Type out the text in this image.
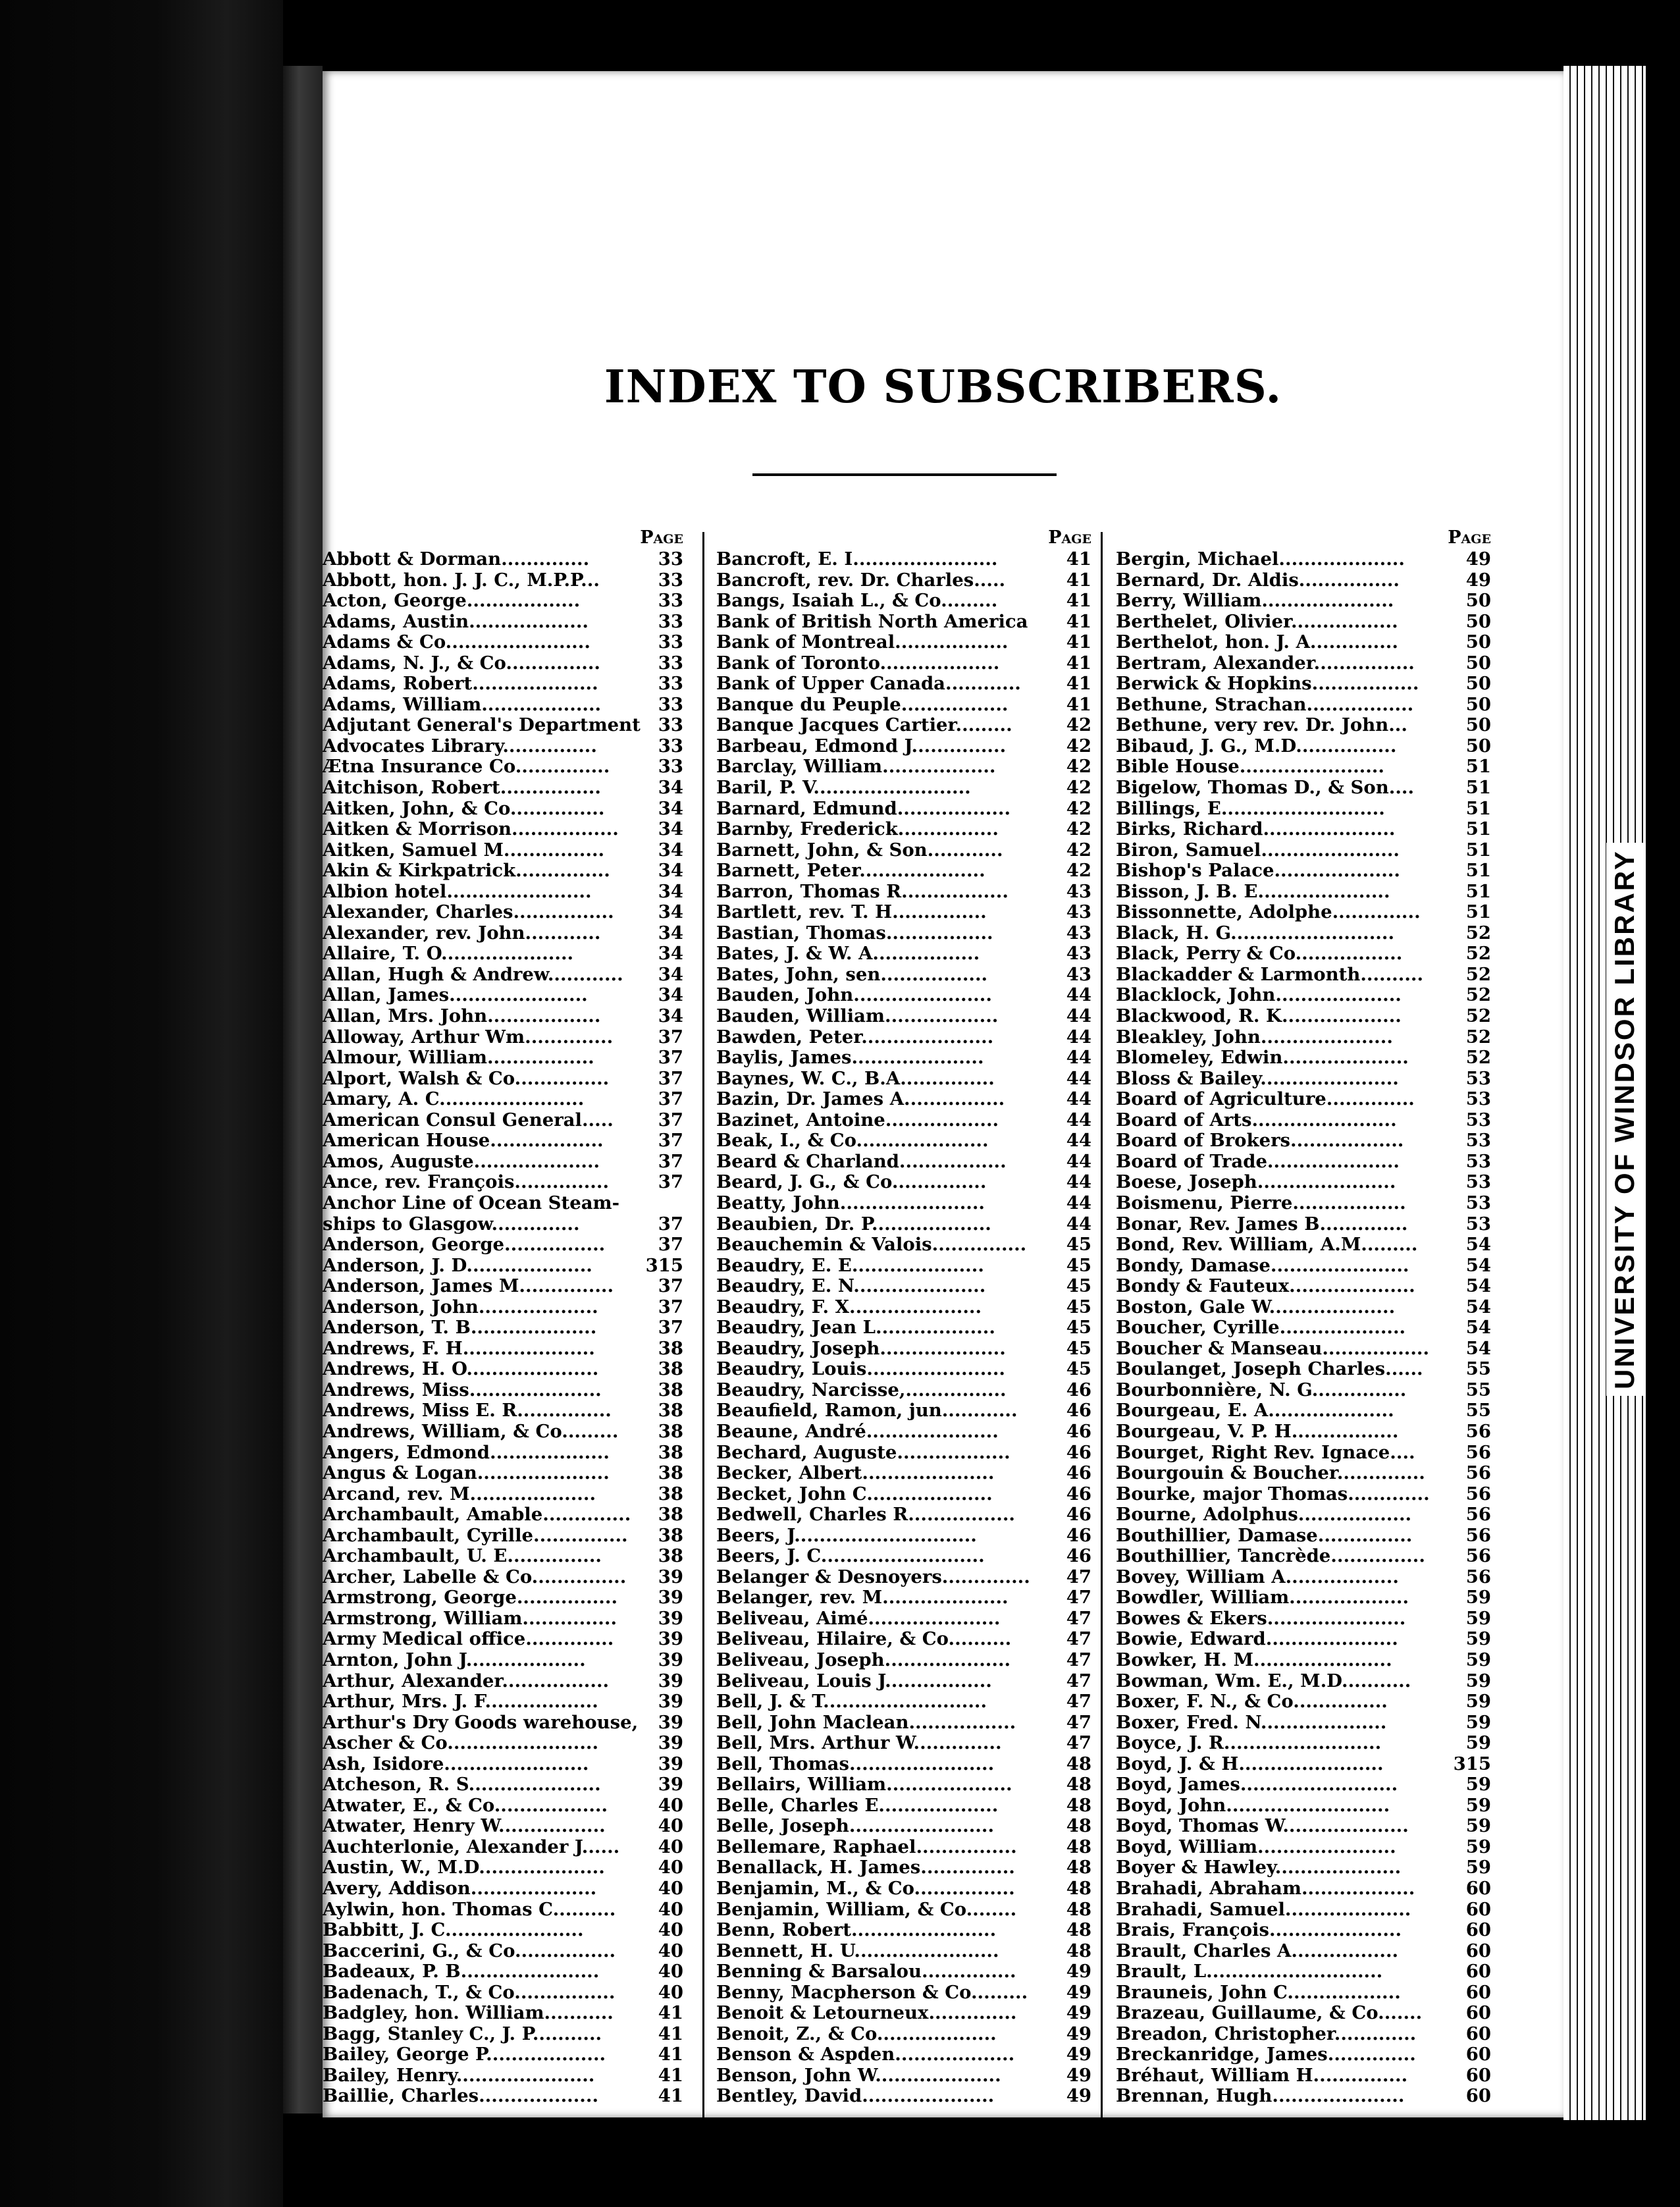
INDEX TO SUBSCRIBERS.
Page
Abbott & Dorman..............	33
Abbott, hon. J. J. C., M.P.P...	33
Acton, George..................	33
Adams, Austin...................	33
Adams & Co.......................	33
Adams, N. J., & Co...............	33
Adams, Robert....................	33
Adams, William...................	33
Adjutant General's Department 33
Advocates Library...............	33
Ætna Insurance Co...............	33
Aitchison, Robert................	34
Aitken, John, & Co...............	34
Aitken & Morrison.................	34
Aitken, Samuel M................	34
Akin & Kirkpatrick...............	34
Albion hotel.......................	34
Alexander, Charles................	34
Alexander, rev. John............	34
Allaire, T. O.....................	34
Allan, Hugh & Andrew............	34
Allan, James......................	34
Allan, Mrs. John..................	34
Alloway, Arthur Wm..............	37
Almour, William.................	37
Alport, Walsh & Co...............	37
Amary, A. C.......................	37
American Consul General.....	37
American House..................	37
Amos, Auguste....................	37
Ance, rev. François...............	37
Anchor Line of Ocean Steam-
ships to Glasgow..............	37
Anderson, George................	37
Anderson, J. D....................	315
Anderson, James M...............	37
Anderson, John...................	37
Anderson, T. B....................	37
Andrews, F. H.....................	38
Andrews, H. O.....................	38
Andrews, Miss.....................	38
Andrews, Miss E. R...............	38
Andrews, William, & Co.........	38
Angers, Edmond...................	38
Angus & Logan.....................	38
Arcand, rev. M....................	38
Archambault, Amable..............	38
Archambault, Cyrille...............	38
Archambault, U. E...............	38
Archer, Labelle & Co...............	39
Armstrong, George................	39
Armstrong, William...............	39
Army Medical office..............	39
Arnton, John J...................	39
Arthur, Alexander.................	39
Arthur, Mrs. J. F..................	39
Arthur's Dry Goods warehouse,	39
Ascher & Co........................	39
Ash, Isidore.......................	39
Atcheson, R. S.....................	39
Atwater, E., & Co..................	40
Atwater, Henry W.................	40
Auchterlonie, Alexander J......	40
Austin, W., M.D....................	40
Avery, Addison....................	40
Aylwin, hon. Thomas C..........	40
Babbitt, J. C......................	40
Baccerini, G., & Co................	40
Badeaux, P. B......................	40
Badenach, T., & Co................	40
Badgley, hon. William...........	41
Bagg, Stanley C., J. P...........	41
Bailey, George P...................	41
Bailey, Henry......................	41
Baillie, Charles...................	41
Page
Bancroft, E. I.......................	41
Bancroft, rev. Dr. Charles.....	41
Bangs, Isaiah L., & Co.........	41
Bank of British North America	41
Bank of Montreal..................	41
Bank of Toronto...................	41
Bank of Upper Canada............	41
Banque du Peuple.................	41
Banque Jacques Cartier.........	42
Barbeau, Edmond J...............	42
Barclay, William..................	42
Baril, P. V.........................	42
Barnard, Edmund..................	42
Barnby, Frederick................	42
Barnett, John, & Son............	42
Barnett, Peter....................	42
Barron, Thomas R.................	43
Bartlett, rev. T. H...............	43
Bastian, Thomas.................	43
Bates, J. & W. A.................	43
Bates, John, sen.................	43
Bauden, John......................	44
Bauden, William..................	44
Bawden, Peter.....................	44
Baylis, James.....................	44
Baynes, W. C., B.A...............	44
Bazin, Dr. James A................	44
Bazinet, Antoine..................	44
Beak, I., & Co.....................	44
Beard & Charland.................	44
Beard, J. G., & Co...............	44
Beatty, John.......................	44
Beaubien, Dr. P...................	44
Beauchemin & Valois...............	45
Beaudry, E. E.....................	45
Beaudry, E. N.....................	45
Beaudry, F. X.....................	45
Beaudry, Jean L...................	45
Beaudry, Joseph....................	45
Beaudry, Louis......................	45
Beaudry, Narcisse,................	46
Beaufield, Ramon, jun............	46
Beaune, André.....................	46
Bechard, Auguste..................	46
Becker, Albert.....................	46
Becket, John C....................	46
Bedwell, Charles R.................	46
Beers, J.............................	46
Beers, J. C..........................	46
Belanger & Desnoyers..............	47
Belanger, rev. M....................	47
Beliveau, Aimé.....................	47
Beliveau, Hilaire, & Co..........	47
Beliveau, Joseph....................	47
Beliveau, Louis J.................	47
Bell, J. & T..........................	47
Bell, John Maclean.................	47
Bell, Mrs. Arthur W..............	47
Bell, Thomas.......................	48
Bellairs, William....................	48
Belle, Charles E...................	48
Belle, Joseph.......................	48
Bellemare, Raphael................	48
Benallack, H. James...............	48
Benjamin, M., & Co................	48
Benjamin, William, & Co........	48
Benn, Robert.......................	48
Bennett, H. U.......................	48
Benning & Barsalou...............	49
Benny, Macpherson & Co.........	49
Benoit & Letourneux..............	49
Benoit, Z., & Co...................	49
Benson & Aspden...................	49
Benson, John W....................	49
Bentley, David.....................	49
Page
Bergin, Michael....................	49
Bernard, Dr. Aldis................	49
Berry, William.....................	50
Berthelet, Olivier.................	50
Berthelot, hon. J. A..............	50
Bertram, Alexander................	50
Berwick & Hopkins.................	50
Bethune, Strachan.................	50
Bethune, very rev. Dr. John...	50
Bibaud, J. G., M.D................	50
Bible House.......................	51
Bigelow, Thomas D., & Son....	51
Billings, E..........................	51
Birks, Richard.....................	51
Biron, Samuel......................	51
Bishop's Palace....................	51
Bisson, J. B. E.....................	51
Bissonnette, Adolphe..............	51
Black, H. G..........................	52
Black, Perry & Co.................	52
Blackadder & Larmonth..........	52
Blacklock, John....................	52
Blackwood, R. K...................	52
Bleakley, John.....................	52
Blomeley, Edwin....................	52
Bloss & Bailey......................	53
Board of Agriculture..............	53
Board of Arts.......................	53
Board of Brokers..................	53
Board of Trade.....................	53
Boese, Joseph......................	53
Boismenu, Pierre..................	53
Bonar, Rev. James B..............	53
Bond, Rev. William, A.M.........	54
Bondy, Damase......................	54
Bondy & Fauteux....................	54
Boston, Gale W....................	54
Boucher, Cyrille....................	54
Boucher & Manseau.................	54
Boulanget, Joseph Charles......	55
Bourbonnière, N. G...............	55
Bourgeau, E. A....................	55
Bourgeau, V. P. H.................	56
Bourget, Right Rev. Ignace....	56
Bourgouin & Boucher..............	56
Bourke, major Thomas.............	56
Bourne, Adolphus..................	56
Bouthillier, Damase...............	56
Bouthillier, Tancrède...............	56
Bovey, William A..................	56
Bowdler, William...................	59
Bowes & Ekers......................	59
Bowie, Edward.....................	59
Bowker, H. M......................	59
Bowman, Wm. E., M.D...........	59
Boxer, F. N., & Co...............	59
Boxer, Fred. N....................	59
Boyce, J. R.........................	59
Boyd, J. & H.......................	315
Boyd, James.........................	59
Boyd, John..........................	59
Boyd, Thomas W....................	59
Boyd, William......................	59
Boyer & Hawley....................	59
Brahadi, Abraham..................	60
Brahadi, Samuel....................	60
Brais, François.....................	60
Brault, Charles A.................	60
Brault, L............................	60
Brauneis, John C..................	60
Brazeau, Guillaume, & Co.......	60
Breadon, Christopher.............	60
Breckanridge, James..............	60
Bréhaut, William H...............	60
Brennan, Hugh.....................	60
UNIVERSITY OF WINDSOR LIBRARY
